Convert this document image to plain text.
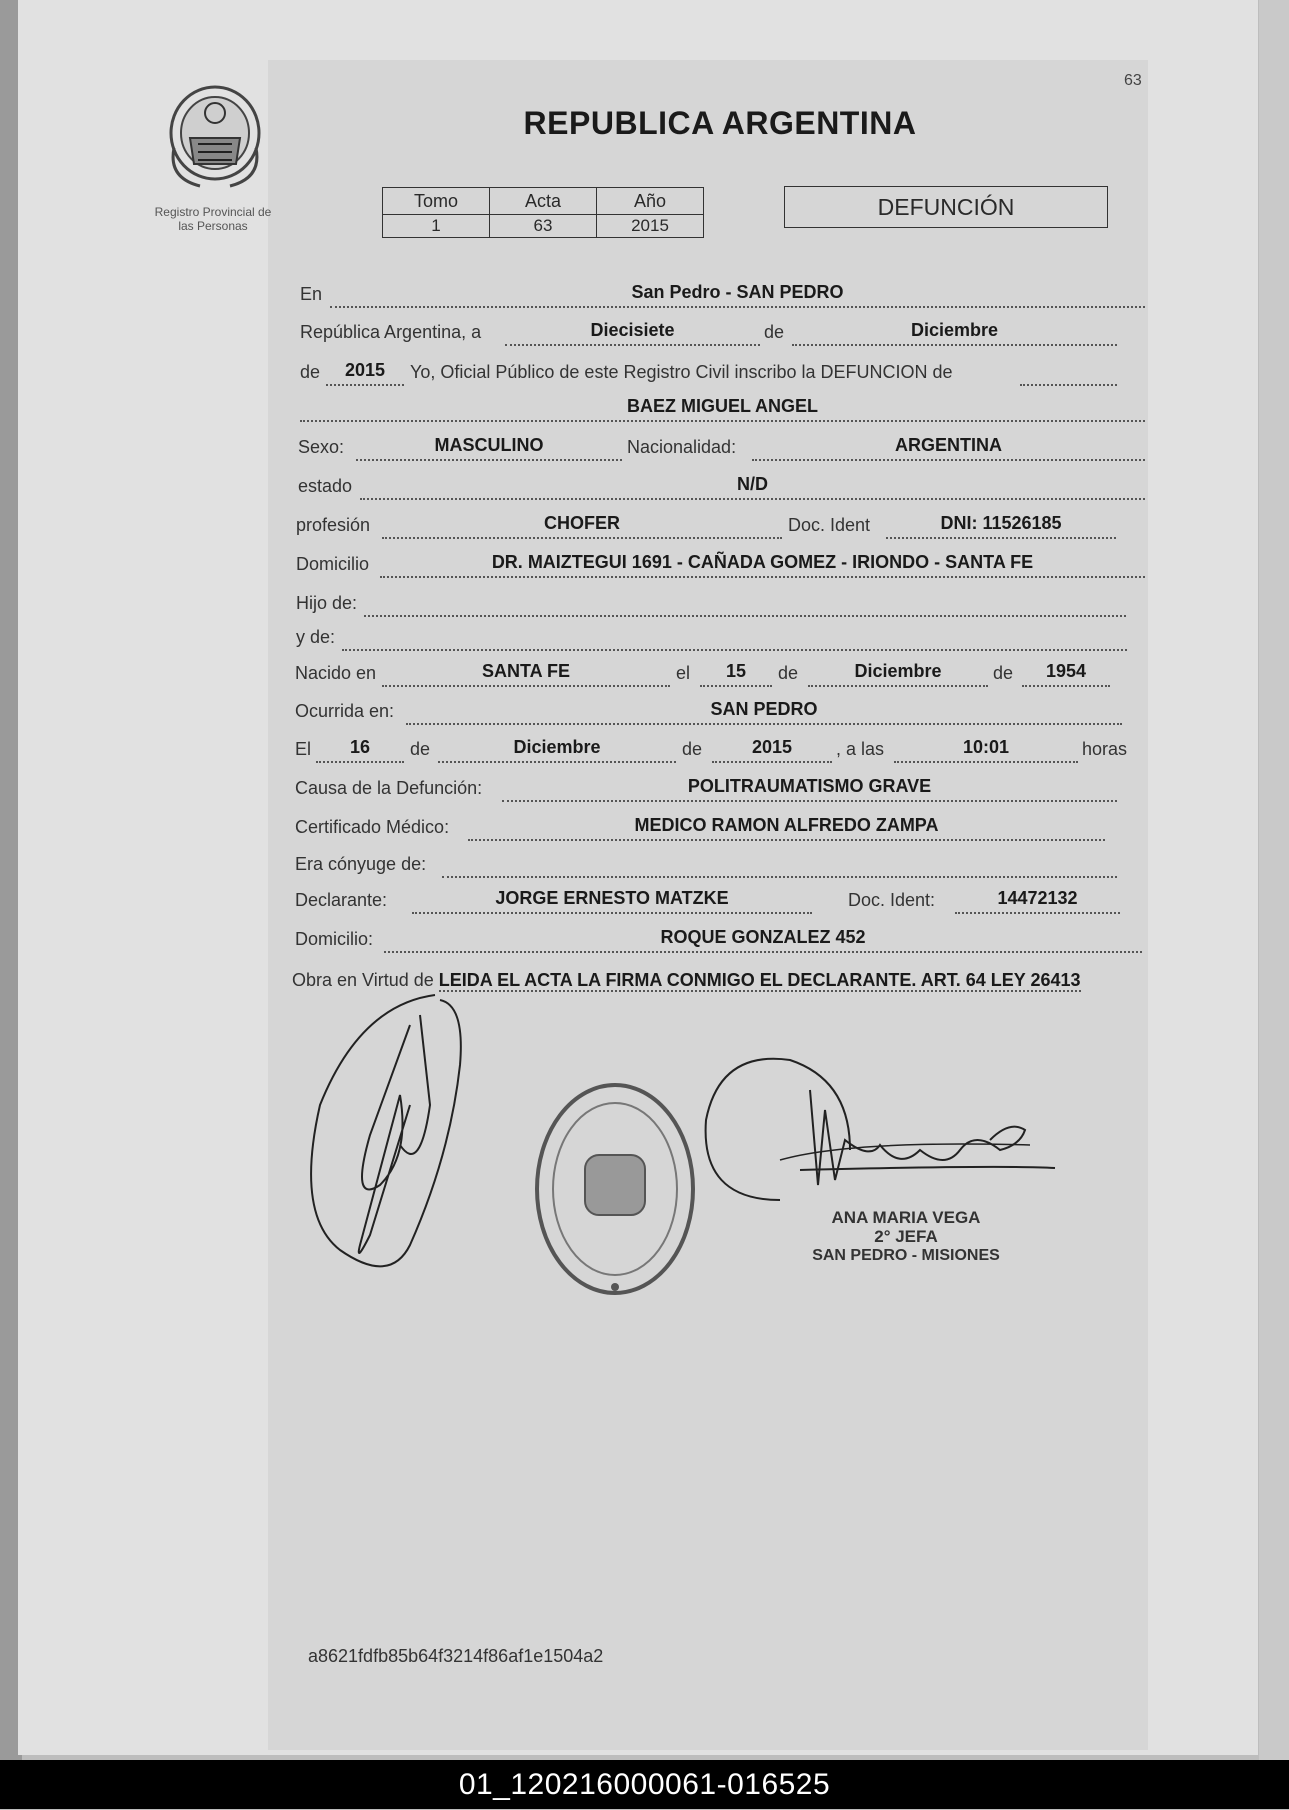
Registro Provincial de
las Personas
63
REPUBLICA ARGENTINA
Tomo	Acta	Año
1	63	2015
DEFUNCIÓN
En	San Pedro - SAN PEDRO
República Argentina, a	Diecisiete	de	Diciembre
de	2015	Yo, Oficial Público de este Registro Civil inscribo la DEFUNCION de
BAEZ MIGUEL ANGEL
Sexo:	MASCULINO	Nacionalidad:	ARGENTINA
estado	N/D
profesión	CHOFER	Doc. Ident	DNI: 11526185
Domicilio	DR. MAIZTEGUI 1691 - CAÑADA GOMEZ - IRIONDO - SANTA FE
Hijo de:
y de:
Nacido en	SANTA FE	el	15	de	Diciembre	de	1954
Ocurrida en:	SAN PEDRO
El	16	de	Diciembre	de	2015	, a las	10:01	horas
Causa de la Defunción:	POLITRAUMATISMO GRAVE
Certificado Médico:	MEDICO RAMON ALFREDO ZAMPA
Era cónyuge de:
Declarante:	JORGE ERNESTO MATZKE	Doc. Ident:	14472132
Domicilio:	ROQUE GONZALEZ 452
Obra en Virtud de LEIDA EL ACTA LA FIRMA CONMIGO EL DECLARANTE. ART. 64 LEY 26413
ANA MARIA VEGA
2° JEFA
SAN PEDRO - MISIONES
a8621fdfb85b64f3214f86af1e1504a2
01_120216000061-016525
